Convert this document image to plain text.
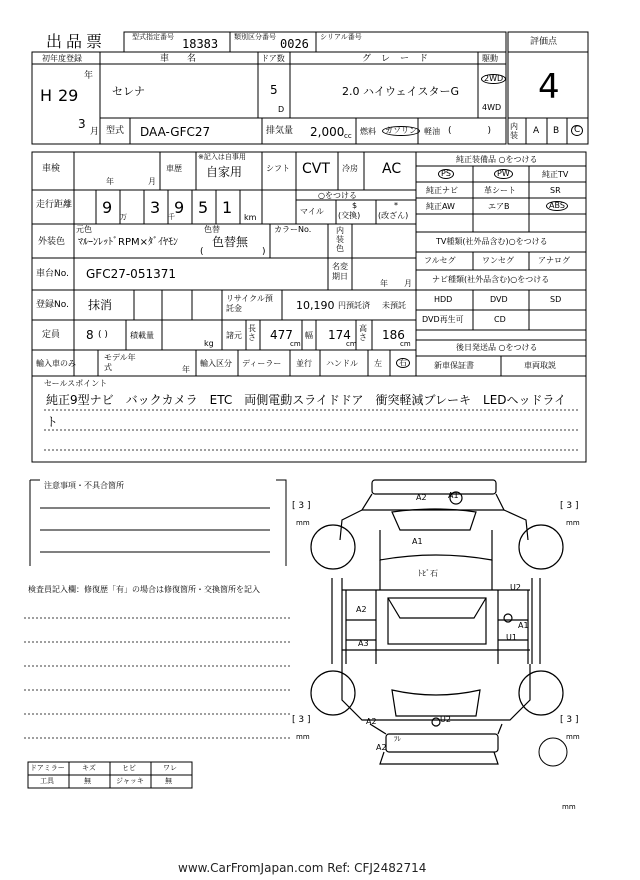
出品票	型式指定番号 18383 類別区分番号 0026 シリアル番号	評価点
4
初年度登録
H 29
年
3
月
車名
セレナ
ドア数
5
D
グレード
2.0 ハイウェイスターG
駆動
2WD
4WD
型式 DAA-GFC27	排気量 2,000 cc 燃料	ガソリン 軽油 (　　　　) 内装	A B	C
車検
年	月
車歴
※記入は自事用
自家用	シフト CVT 冷房 AC
走行距離 9 万 3 千 9 5 1
km
○をつける
マイル
$
(交換)
*
(改ざん)
外装色
元色
ﾏﾙｰﾝﾚｯﾄﾞRPM×ﾀﾞｲﾔﾓﾝ
色替
色替無
(	)
カラーNo.	内装色
車台No. GFC27-051371
名変期日
年 月
登録No. 抹消	リサイクル預託金	10,190 円預託済 未預託
定員 8 ( )	積載量
kg
諸元
長さ 477
cm
幅 174
cm
高さ 186
cm
輸入車のみ
モデル年式	年
輸入区分 ディーラー 並行 ハンドル 左	右
純正装備品 ○をつける
PS	PW	純正TV
純正ナビ	革シート	SR
純正AW	エアB	ABS
TV種類(社外品含む)○をつける
フルセグ	ワンセグ	アナログ
ナビ種類(社外品含む)○をつける
HDD	DVD	SD
DVD再生可	CD
後日発送品 ○をつける
新車保証書	車両取説
セールスポイント
純正9型ナビ　バックカメラ　ETC　両側電動スライドドア　衝突軽減ブレーキ　LEDヘッドライ
ト
注意事項・不具合箇所
検査員記入欄：修復歴「有」の場合は修復箇所・交換箇所を記入
ドアミラー キズ	ヒビ	ワレ
工具	無	ジャッキ	無
[ 3 ]
mm
[ 3 ]
mm
[ 3 ]
mm
[ 3 ]
mm
mm
A2	A1
A1
ﾄﾋﾞ石
A2
A3
U2
A1
U1
A2	U2
A2
ﾌﾚ
www.CarFromJapan.com Ref: CFJ2482714
